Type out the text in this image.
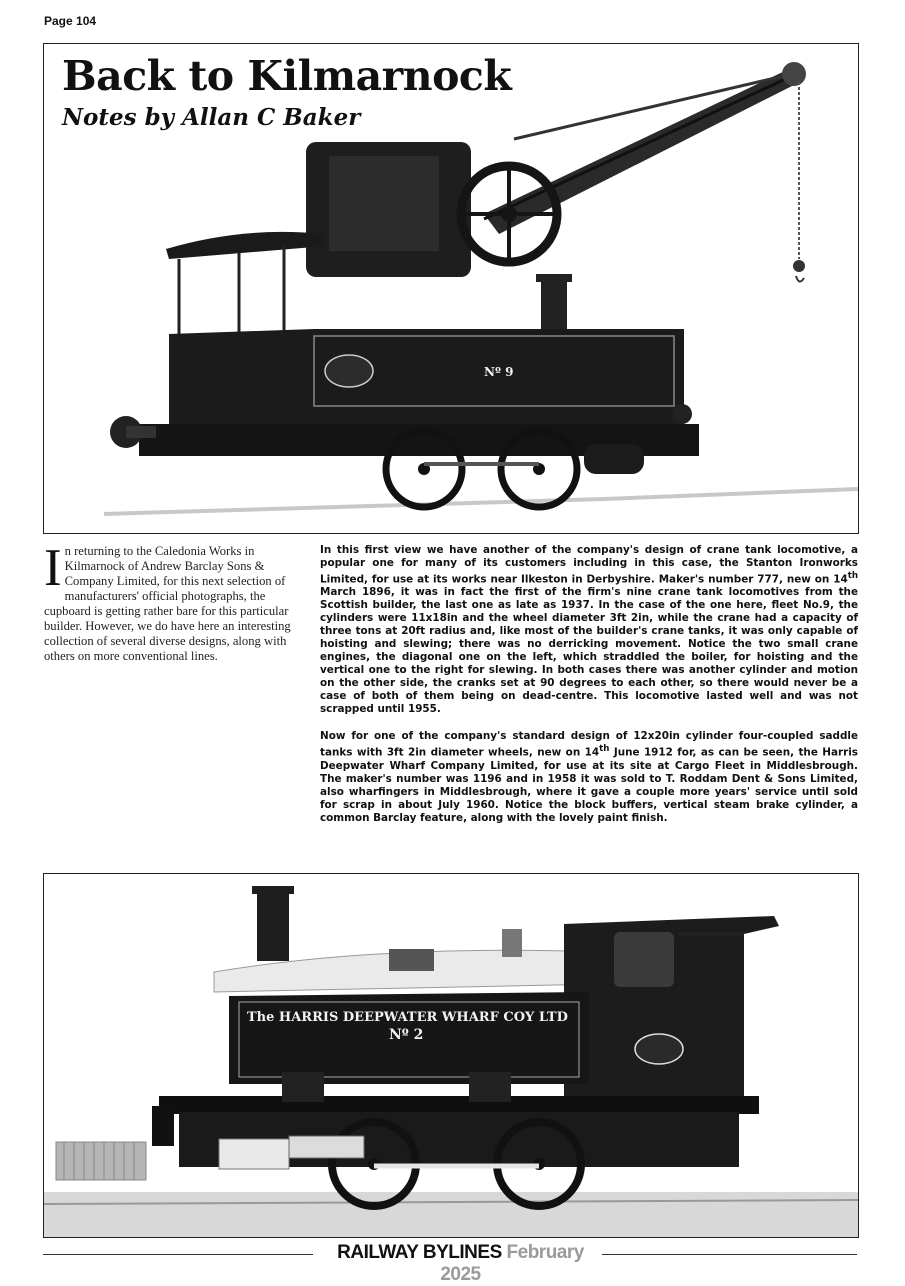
Page 104
Nº 9
Back to Kilmarnock
Notes by Allan C Baker

In returning to the Caledonia Works in Kilmarnock of Andrew Barclay Sons & Company Limited, for this next selection of manufacturers' official photographs, the cupboard is getting rather bare for this particular builder. However, we do have here an interesting collection of several diverse designs, along with others on more conventional lines.

In this first view we have another of the company's design of crane tank locomotive, a popular one for many of its customers including in this case, the Stanton Ironworks Limited, for use at its works near Ilkeston in Derbyshire. Maker's number 777, new on 14th March 1896, it was in fact the first of the firm's nine crane tank locomotives from the Scottish builder, the last one as late as 1937. In the case of the one here, fleet No.9, the cylinders were 11x18in and the wheel diameter 3ft 2in, while the crane had a capacity of three tons at 20ft radius and, like most of the builder's crane tanks, it was only capable of hoisting and slewing; there was no derricking movement. Notice the two small crane engines, the diagonal one on the left, which straddled the boiler, for hoisting and the vertical one to the right for slewing. In both cases there was another cylinder and motion on the other side, the cranks set at 90 degrees to each other, so there would never be a case of both of them being on dead-centre. This locomotive lasted well and was not scrapped until 1955.

Now for one of the company's standard design of 12x20in cylinder four-coupled saddle tanks with 3ft 2in diameter wheels, new on 14th June 1912 for, as can be seen, the Harris Deepwater Wharf Company Limited, for use at its site at Cargo Fleet in Middlesbrough. The maker's number was 1196 and in 1958 it was sold to T. Roddam Dent & Sons Limited, also wharfingers in Middlesbrough, where it gave a couple more years' service until sold for scrap in about July 1960. Notice the block buffers, vertical steam brake cylinder, a common Barclay feature, along with the lovely paint finish.

The HARRIS DEEPWATER WHARF COY LTD
Nº 2
RAILWAY BYLINES February 2025
